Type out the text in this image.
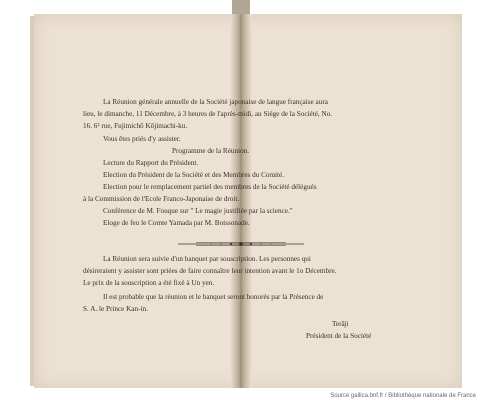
La Réunion générale annuelle de la Société japonaise de langue française aura
lieu, le dimanche, 11 Décembre, à 3 heures de l'après-midi, au Siége de la Société, No.
16. 6² rue, Fujimichō Kōjimachi-ku.
Vous êtes priés d'y assister.
Programme de la Réunion.
Lecture du Rapport du Président.
Election du Président de la Société et des Membres du Comité.
Election pour le remplacement partiel des membres de la Société délégués
à la Commission de l'Ecole Franco-Japonaise de droit.
Conférence de M. Fouque sur " Le magie justifiée par la science."
Eloge de feu le Comte Yamada par M. Boissonade.
La Réunion sera suivie d'un banquet par souscription. Les personnes qui
désireraient y assister sont priées de faire connaître leur intention avant le 1o Décembre.
Le prix de la souscription a été fixé à Un yen.
Il est probable que la réunion et le banquet seront honorés par la Présence de
S. A. le Prince Kan-in.
Terāji
Président de la Société
Source gallica.bnf.fr / Bibliothèque nationale de France
